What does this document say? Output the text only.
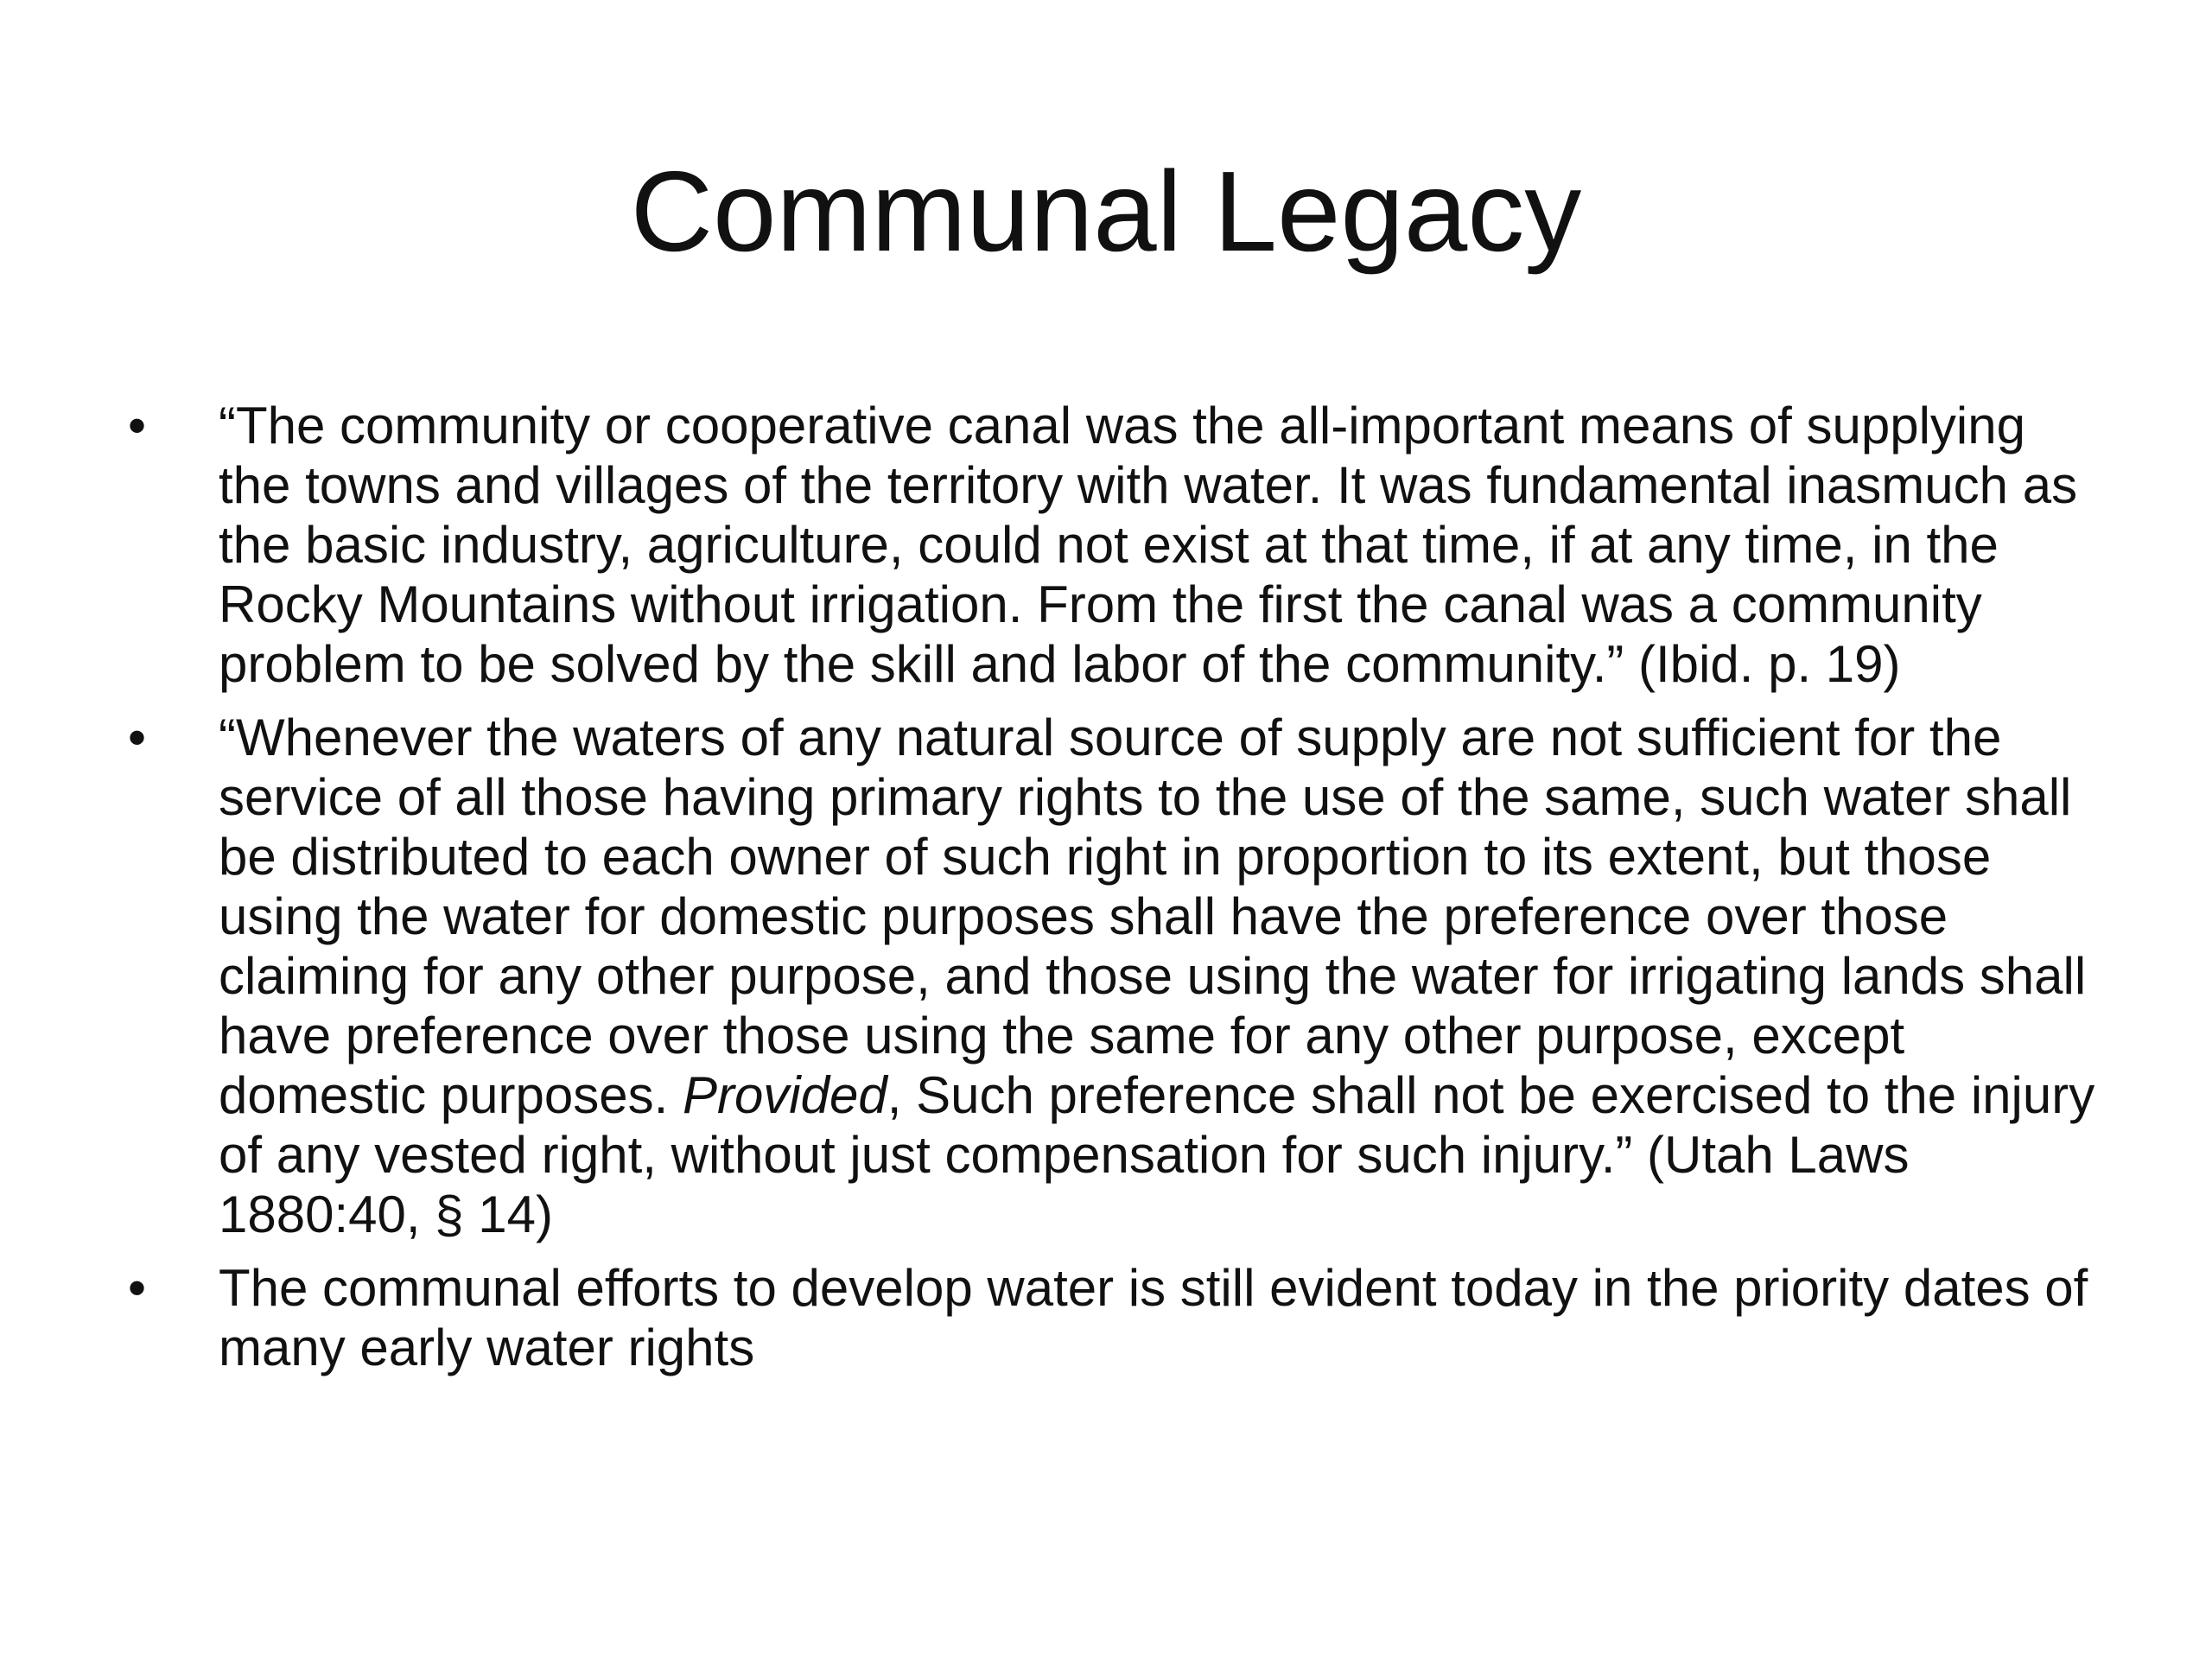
Communal Legacy
•	“The community or cooperative canal was the all-important means of supplying the towns and villages of the territory with water. It was fundamental inasmuch as the basic industry, agriculture, could not exist at that time, if at any time, in the Rocky Mountains without irrigation. From the first the canal was a community problem to be solved by the skill and labor of the community.” (Ibid. p. 19)
•	“Whenever the waters of any natural source of supply are not sufficient for the service of all those having primary rights to the use of the same, such water shall be distributed to each owner of such right in proportion to its extent, but those using the water for domestic purposes shall have the preference over those claiming for any other purpose, and those using the water for irrigating lands shall have preference over those using the same for any other purpose, except domestic purposes. Provided, Such preference shall not be exercised to the injury of any vested right, without just compensation for such injury.” (Utah Laws 1880:40, § 14)
•	The communal efforts to develop water is still evident today in the priority dates of many early water rights
